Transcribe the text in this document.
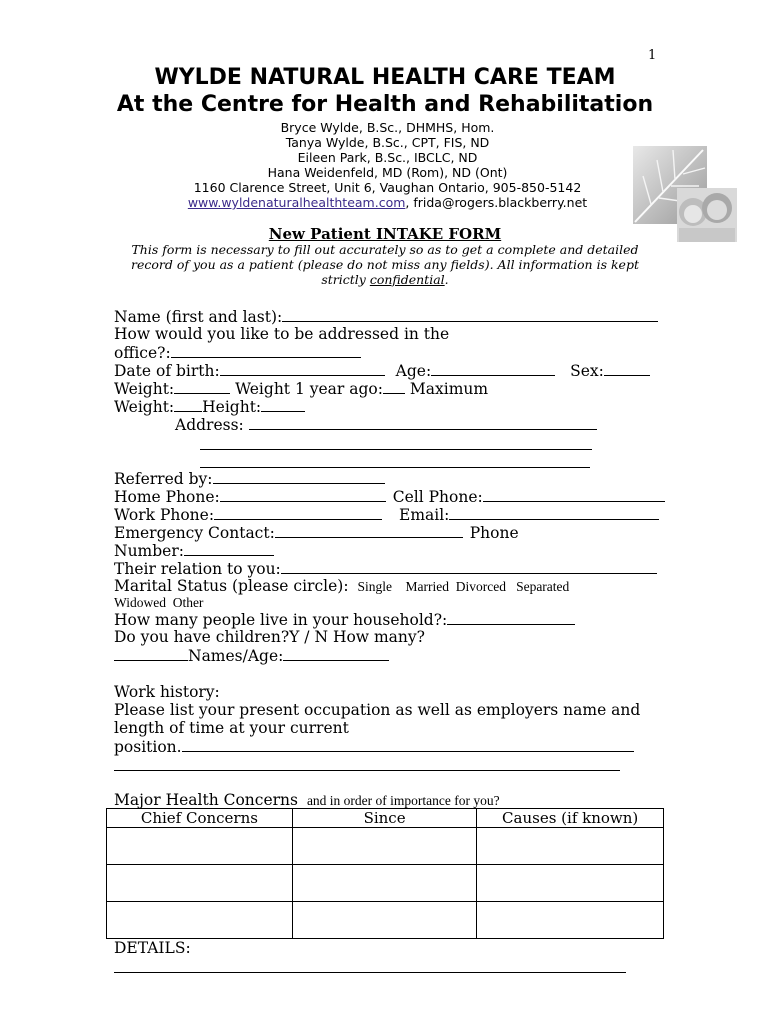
1
WYLDE NATURAL HEALTH CARE TEAM
At the Centre for Health and Rehabilitation
Bryce Wylde, B.Sc., DHMHS, Hom.
Tanya Wylde, B.Sc., CPT, FIS, ND
Eileen Park, B.Sc., IBCLC, ND
Hana Weidenfeld, MD (Rom), ND (Ont)
1160 Clarence Street, Unit 6, Vaughan Ontario, 905-850-5142
www.wyldenaturalhealthteam.com, frida@rogers.blackberry.net
New Patient INTAKE FORM
This form is necessary to fill out accurately so as to get a complete and detailed
record of you as a patient (please do not miss any fields). All information is kept
strictly confidential.
Name (first and last):
How would you like to be addressed in the
office?:
Date of birth:	Age:	Sex:
Weight:	Weight 1 year ago: Maximum
Weight: Height:
Address:
Referred by:
Home Phone:	Cell Phone:
Work Phone:	Email:
Emergency Contact:	Phone
Number:
Their relation to you:
Marital Status (please circle): Single    Married  Divorced   Separated
Widowed  Other
How many people live in your household?:
Do you have children?Y / N How many?
Names/Age:
Work history:
Please list your present occupation as well as employers name and
length of time at your current
position.
Major Health Concerns and in order of importance for you?
Chief Concerns	Since	Causes (if known)

DETAILS:
